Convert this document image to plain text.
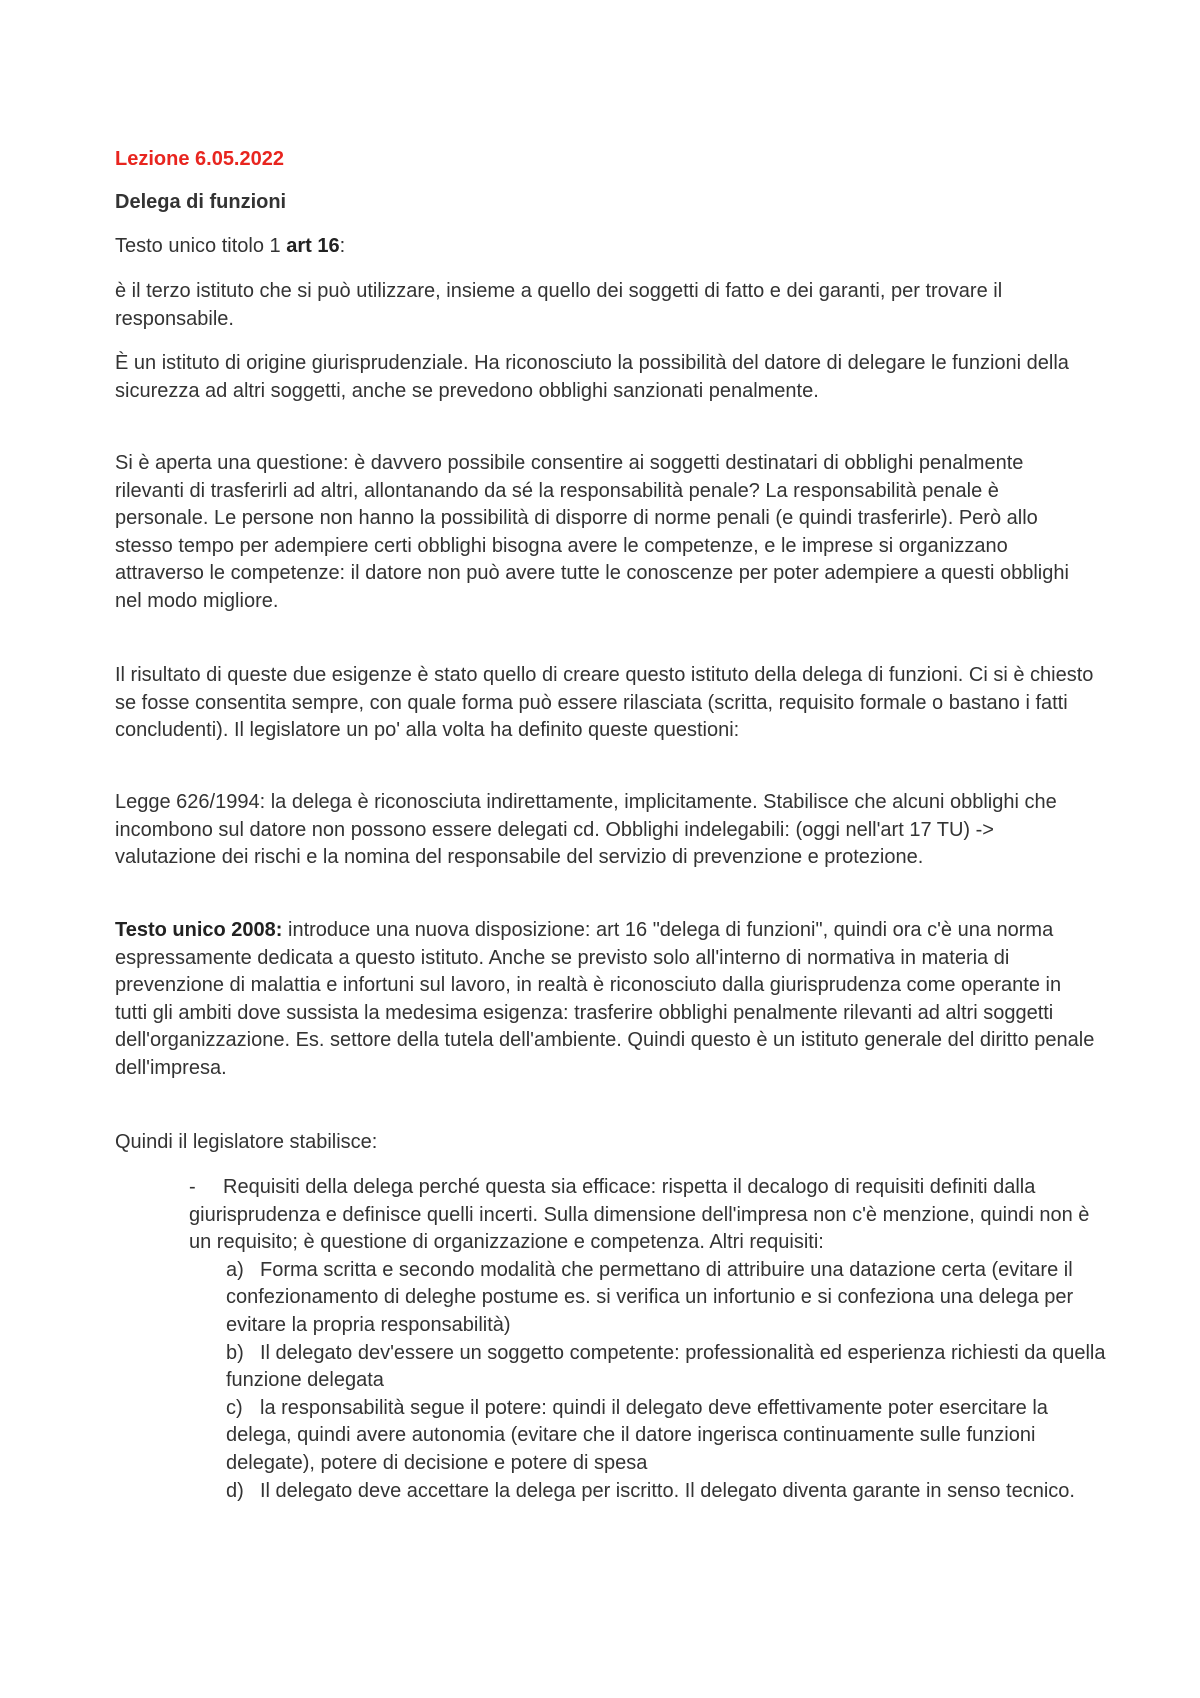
Lezione 6.05.2022
Delega di funzioni
Testo unico titolo 1 art 16:
è il terzo istituto che si può utilizzare, insieme a quello dei soggetti di fatto e dei garanti, per trovare il responsabile.
È un istituto di origine giurisprudenziale. Ha riconosciuto la possibilità del datore di delegare le funzioni della sicurezza ad altri soggetti, anche se prevedono obblighi sanzionati penalmente.
Si è aperta una questione: è davvero possibile consentire ai soggetti destinatari di obblighi penalmente rilevanti di trasferirli ad altri, allontanando da sé la responsabilità penale? La responsabilità penale è personale. Le persone non hanno la possibilità di disporre di norme penali (e quindi trasferirle). Però allo stesso tempo per adempiere certi obblighi bisogna avere le competenze, e le imprese si organizzano attraverso le competenze: il datore non può avere tutte le conoscenze per poter adempiere a questi obblighi nel modo migliore.
Il risultato di queste due esigenze è stato quello di creare questo istituto della delega di funzioni. Ci si è chiesto se fosse consentita sempre, con quale forma può essere rilasciata (scritta, requisito formale o bastano i fatti concludenti). Il legislatore un po' alla volta ha definito queste questioni:
Legge 626/1994: la delega è riconosciuta indirettamente, implicitamente. Stabilisce che alcuni obblighi che incombono sul datore non possono essere delegati cd. Obblighi indelegabili: (oggi nell'art 17 TU) -> valutazione dei rischi e la nomina del responsabile del servizio di prevenzione e protezione.
Testo unico 2008: introduce una nuova disposizione: art 16 "delega di funzioni", quindi ora c'è una norma espressamente dedicata a questo istituto. Anche se previsto solo all'interno di normativa in materia di prevenzione di malattia e infortuni sul lavoro, in realtà è riconosciuto dalla giurisprudenza come operante in tutti gli ambiti dove sussista la medesima esigenza: trasferire obblighi penalmente rilevanti ad altri soggetti dell'organizzazione. Es. settore della tutela dell'ambiente. Quindi questo è un istituto generale del diritto penale dell'impresa.
Quindi il legislatore stabilisce:
- Requisiti della delega perché questa sia efficace: rispetta il decalogo di requisiti definiti dalla giurisprudenza e definisce quelli incerti. Sulla dimensione dell'impresa non c'è menzione, quindi non è un requisito; è questione di organizzazione e competenza. Altri requisiti:
a) Forma scritta e secondo modalità che permettano di attribuire una datazione certa (evitare il confezionamento di deleghe postume es. si verifica un infortunio e si confeziona una delega per evitare la propria responsabilità)
b) Il delegato dev'essere un soggetto competente: professionalità ed esperienza richiesti da quella funzione delegata
c) la responsabilità segue il potere: quindi il delegato deve effettivamente poter esercitare la delega, quindi avere autonomia (evitare che il datore ingerisca continuamente sulle funzioni delegate), potere di decisione e potere di spesa
d) Il delegato deve accettare la delega per iscritto. Il delegato diventa garante in senso tecnico.
